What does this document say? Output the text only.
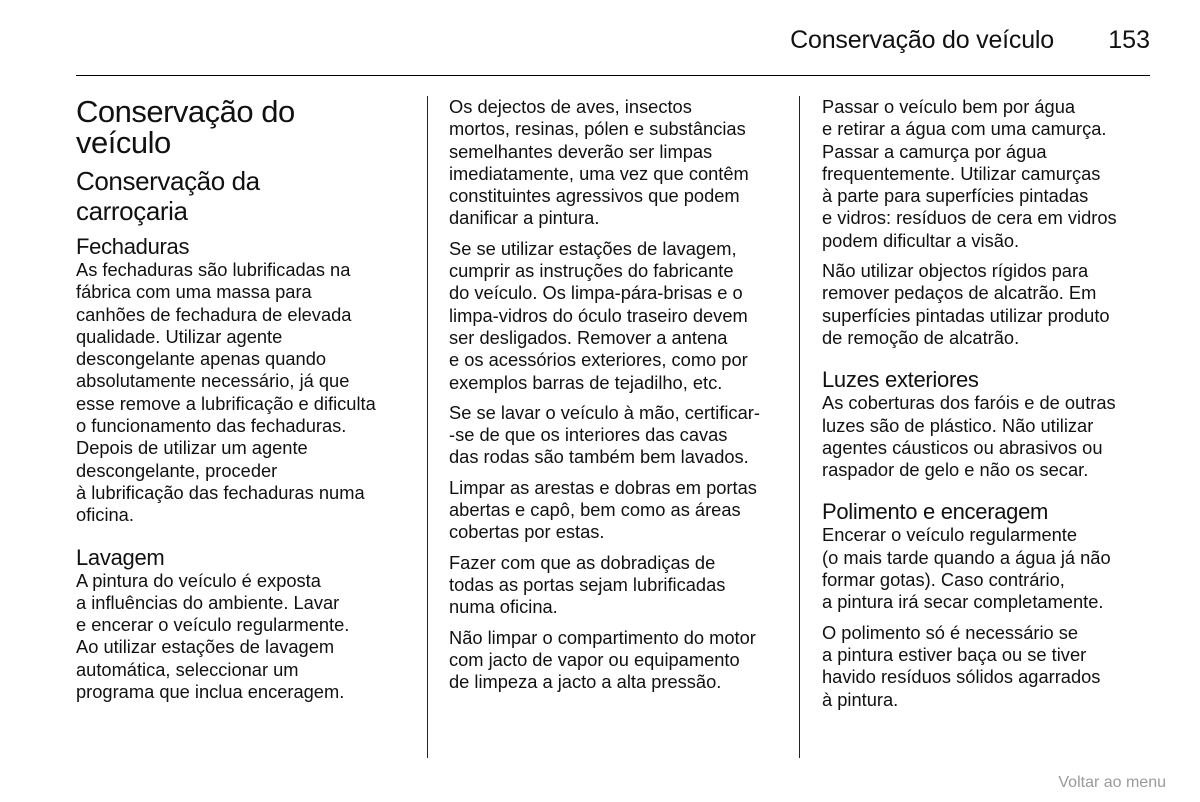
Conservação do veículo 153
Conservação do
veículo
Conservação da
carroçaria
Fechaduras
As fechaduras são lubrificadas na
fábrica com uma massa para
canhões de fechadura de elevada
qualidade. Utilizar agente
descongelante apenas quando
absolutamente necessário, já que
esse remove a lubrificação e dificulta
o funcionamento das fechaduras.
Depois de utilizar um agente
descongelante, proceder
à lubrificação das fechaduras numa
oficina.
Lavagem
A pintura do veículo é exposta
a influências do ambiente. Lavar
e encerar o veículo regularmente.
Ao utilizar estações de lavagem
automática, seleccionar um
programa que inclua enceragem.
Os dejectos de aves, insectos
mortos, resinas, pólen e substâncias
semelhantes deverão ser limpas
imediatamente, uma vez que contêm
constituintes agressivos que podem
danificar a pintura.
Se se utilizar estações de lavagem,
cumprir as instruções do fabricante
do veículo. Os limpa-pára-brisas e o
limpa-vidros do óculo traseiro devem
ser desligados. Remover a antena
e os acessórios exteriores, como por
exemplos barras de tejadilho, etc.
Se se lavar o veículo à mão, certificar-
-se de que os interiores das cavas
das rodas são também bem lavados.
Limpar as arestas e dobras em portas
abertas e capô, bem como as áreas
cobertas por estas.
Fazer com que as dobradiças de
todas as portas sejam lubrificadas
numa oficina.
Não limpar o compartimento do motor
com jacto de vapor ou equipamento
de limpeza a jacto a alta pressão.
Passar o veículo bem por água
e retirar a água com uma camurça.
Passar a camurça por água
frequentemente. Utilizar camurças
à parte para superfícies pintadas
e vidros: resíduos de cera em vidros
podem dificultar a visão.
Não utilizar objectos rígidos para
remover pedaços de alcatrão. Em
superfícies pintadas utilizar produto
de remoção de alcatrão.
Luzes exteriores
As coberturas dos faróis e de outras
luzes são de plástico. Não utilizar
agentes cáusticos ou abrasivos ou
raspador de gelo e não os secar.
Polimento e enceragem
Encerar o veículo regularmente
(o mais tarde quando a água já não
formar gotas). Caso contrário,
a pintura irá secar completamente.
O polimento só é necessário se
a pintura estiver baça ou se tiver
havido resíduos sólidos agarrados
à pintura.
Voltar ao menu
